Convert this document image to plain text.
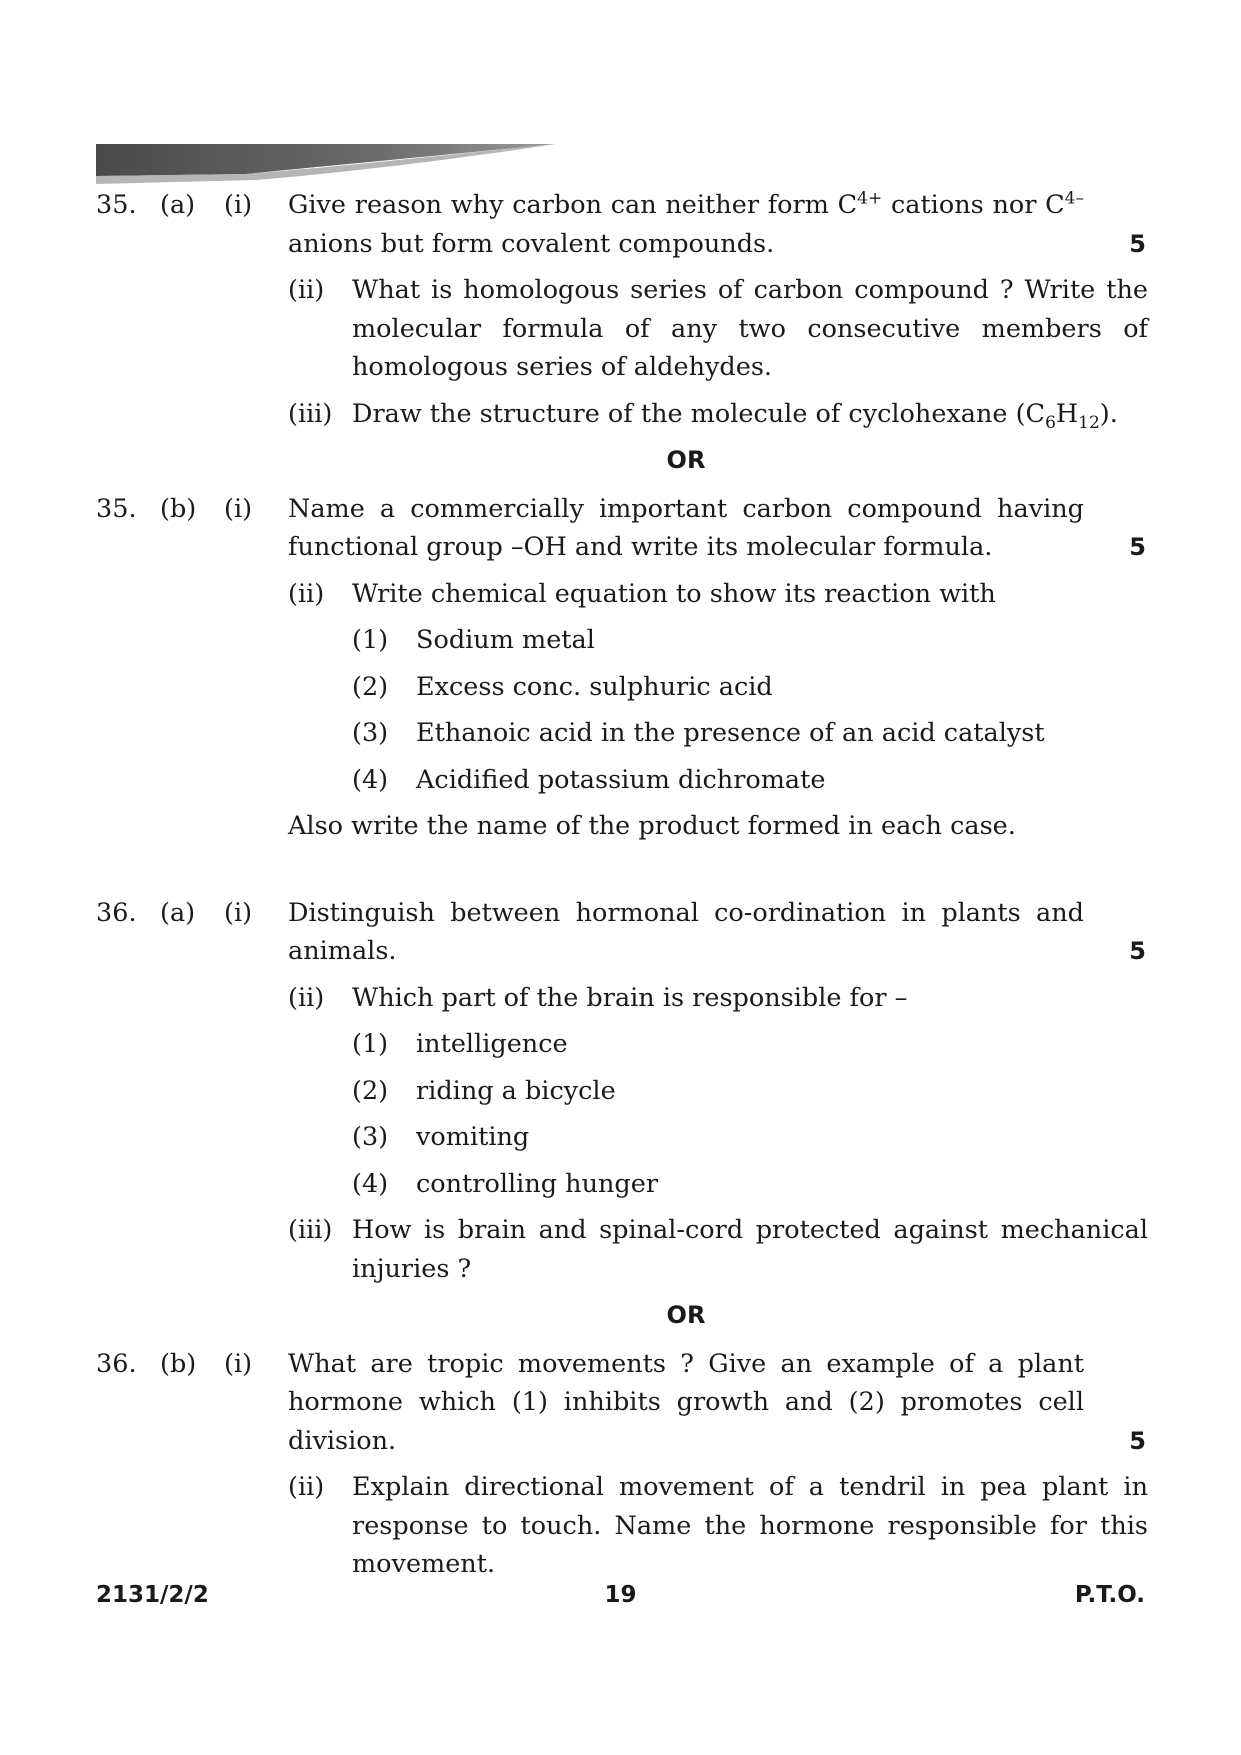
35. (a)	(i)	Give reason why carbon can neither form $C^{4+}$ cations nor $C^{4-}$ anions but form covalent compounds.	5
(ii)	What is homologous series of carbon compound ? Write the molecular formula of any two consecutive members of homologous series of aldehydes.
(iii) Draw the structure of the molecule of cyclohexane $(C_6H_{12})$.
OR
35. (b)	(i)	Name a commercially important carbon compound having functional group –OH and write its molecular formula.	5
(ii)	Write chemical equation to show its reaction with
(1)	Sodium metal
(2)	Excess conc. sulphuric acid
(3)	Ethanoic acid in the presence of an acid catalyst
(4)	Acidified potassium dichromate
Also write the name of the product formed in each case.
36. (a)	(i)	Distinguish between hormonal co-ordination in plants and animals.	5
(ii)	Which part of the brain is responsible for –
(1)	intelligence
(2)	riding a bicycle
(3)	vomiting
(4)	controlling hunger
(iii) How is brain and spinal-cord protected against mechanical injuries ?
OR
36. (b)	(i)	What are tropic movements ? Give an example of a plant hormone which (1) inhibits growth and (2) promotes cell division.	5
(ii)	Explain directional movement of a tendril in pea plant in response to touch. Name the hormone responsible for this movement.
2131/2/2	19	P.T.O.
